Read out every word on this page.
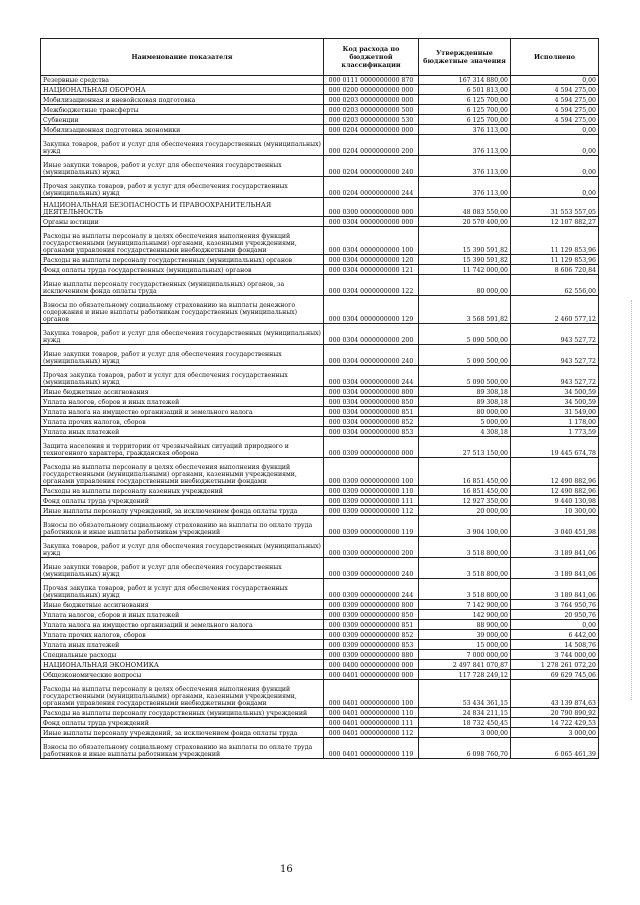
Наименование показателя	Код расхода по бюджетной классификации	Утвержденные бюджетные значения	Исполнено
Резервные средства	000 0111 0000000000 870	167 314 880,00	0,00
НАЦИОНАЛЬНАЯ ОБОРОНА	000 0200 0000000000 000	6 501 813,00	4 594 275,00
Мобилизационная и вневойсковая подготовка	000 0203 0000000000 000	6 125 700,00	4 594 275,00
Межбюджетные трансферты	000 0203 0000000000 500	6 125 700,00	4 594 275,00
Субвенции	000 0203 0000000000 530	6 125 700,00	4 594 275,00
Мобилизационная подготовка экономики	000 0204 0000000000 000	376 113,00	0,00
Закупка товаров, работ и услуг для обеспечения государственных (муниципальных) нужд	000 0204 0000000000 200	376 113,00	0,00
Иные закупки товаров, работ и услуг для обеспечения государственных (муниципальных) нужд	000 0204 0000000000 240	376 113,00	0,00
Прочая закупка товаров, работ и услуг для обеспечения государственных (муниципальных) нужд	000 0204 0000000000 244	376 113,00	0,00
НАЦИОНАЛЬНАЯ БЕЗОПАСНОСТЬ И ПРАВООХРАНИТЕЛЬНАЯ ДЕЯТЕЛЬНОСТЬ	000 0300 0000000000 000	48 083 550,00	31 553 557,05
Органы юстиции	000 0304 0000000000 000	20 570 400,00	12 107 882,27
Расходы на выплаты персоналу в целях обеспечения выполнения функций государственными (муниципальными) органами, казенными учреждениями, органами управления государственными внебюджетными фондами	000 0304 0000000000 100	15 390 591,82	11 129 853,96
Расходы на выплаты персоналу государственных (муниципальных) органов	000 0304 0000000000 120	15 390 591,82	11 129 853,96
Фонд оплаты труда государственных (муниципальных) органов	000 0304 0000000000 121	11 742 000,00	8 606 720,84
Иные выплаты персоналу государственных (муниципальных) органов, за исключением фонда оплаты труда	000 0304 0000000000 122	80 000,00	62 556,00
Взносы по обязательному социальному страхованию на выплаты денежного содержания и иные выплаты работникам государственных (муниципальных) органов	000 0304 0000000000 129	3 568 591,82	2 460 577,12
Закупка товаров, работ и услуг для обеспечения государственных (муниципальных) нужд	000 0304 0000000000 200	5 090 500,00	943 527,72
Иные закупки товаров, работ и услуг для обеспечения государственных (муниципальных) нужд	000 0304 0000000000 240	5 090 500,00	943 527,72
Прочая закупка товаров, работ и услуг для обеспечения государственных (муниципальных) нужд	000 0304 0000000000 244	5 090 500,00	943 527,72
Иные бюджетные ассигнования	000 0304 0000000000 800	89 308,18	34 500,59
Уплата налогов, сборов и иных платежей	000 0304 0000000000 850	89 308,18	34 500,59
Уплата налога на имущество организаций и земельного налога	000 0304 0000000000 851	80 000,00	31 549,00
Уплата прочих налогов, сборов	000 0304 0000000000 852	5 000,00	1 178,00
Уплата иных платежей	000 0304 0000000000 853	4 308,18	1 773,59
Защита населения и территории от чрезвычайных ситуаций природного и техногенного характера, гражданская оборона	000 0309 0000000000 000	27 513 150,00	19 445 674,78
Расходы на выплаты персоналу в целях обеспечения выполнения функций государственными (муниципальными) органами, казенными учреждениями, органами управления государственными внебюджетными фондами	000 0309 0000000000 100	16 851 450,00	12 490 882,96
Расходы на выплаты персоналу казенных учреждений	000 0309 0000000000 110	16 851 450,00	12 490 882,96
Фонд оплаты труда учреждений	000 0309 0000000000 111	12 927 350,00	9 440 130,98
Иные выплаты персоналу учреждений, за исключением фонда оплаты труда	000 0309 0000000000 112	20 000,00	10 300,00
Взносы по обязательному социальному страхованию на выплаты по оплате труда работников и иные выплаты работникам учреждений	000 0309 0000000000 119	3 904 100,00	3 040 451,98
Закупка товаров, работ и услуг для обеспечения государственных (муниципальных) нужд	000 0309 0000000000 200	3 518 800,00	3 189 841,06
Иные закупки товаров, работ и услуг для обеспечения государственных (муниципальных) нужд	000 0309 0000000000 240	3 518 800,00	3 189 841,06
Прочая закупка товаров, работ и услуг для обеспечения государственных (муниципальных) нужд	000 0309 0000000000 244	3 518 800,00	3 189 841,06
Иные бюджетные ассигнования	000 0309 0000000000 800	7 142 900,00	3 764 950,76
Уплата налогов, сборов и иных платежей	000 0309 0000000000 850	142 900,00	20 950,76
Уплата налога на имущество организаций и земельного налога	000 0309 0000000000 851	88 900,00	0,00
Уплата прочих налогов, сборов	000 0309 0000000000 852	39 000,00	6 442,00
Уплата иных платежей	000 0309 0000000000 853	15 000,00	14 508,76
Специальные расходы	000 0309 0000000000 880	7 000 000,00	3 744 000,00
НАЦИОНАЛЬНАЯ ЭКОНОМИКА	000 0400 0000000000 000	2 497 841 070,87	1 278 261 072,20
Общеэкономические вопросы	000 0401 0000000000 000	117 728 249,12	69 629 745,06
Расходы на выплаты персоналу в целях обеспечения выполнения функций государственными (муниципальными) органами, казенными учреждениями, органами управления государственными внебюджетными фондами	000 0401 0000000000 100	53 434 361,15	43 139 874,63
Расходы на выплаты персоналу государственных (муниципальных) учреждений	000 0401 0000000000 110	24 834 211,15	20 790 890,92
Фонд оплаты труда учреждений	000 0401 0000000000 111	18 732 450,45	14 722 429,53
Иные выплаты персоналу учреждений, за исключением фонда оплаты труда	000 0401 0000000000 112	3 000,00	3 000,00
Взносы по обязательному социальному страхованию на выплаты по оплате труда работников и иные выплаты работникам учреждений	000 0401 0000000000 119	6 098 760,70	6 065 461,39
16
